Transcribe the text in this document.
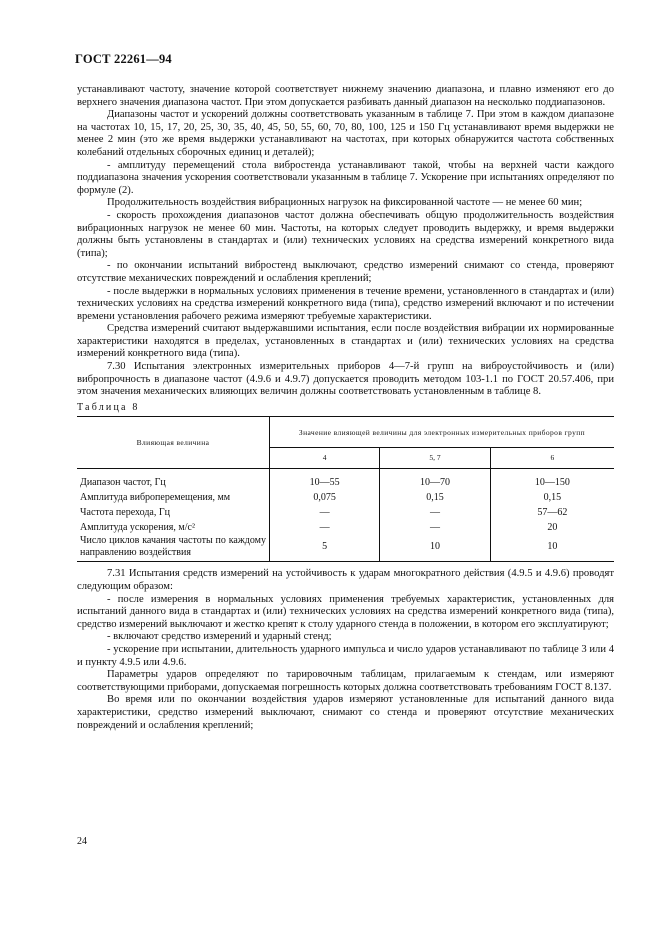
ГОСТ 22261—94

устанавливают частоту, значение которой соответствует нижнему значению диапазона, и плавно изменяют его до верхнего значения диапазона частот. При этом допускается разбивать данный диапазон на несколько поддиапазонов.

Диапазоны частот и ускорений должны соответствовать указанным в таблице 7. При этом в каждом диапазоне на частотах 10, 15, 17, 20, 25, 30, 35, 40, 45, 50, 55, 60, 70, 80, 100, 125 и 150 Гц устанавливают время выдержки не менее 2 мин (это же время выдержки устанавливают на частотах, при которых обнаружится частота собственных колебаний отдельных сборочных единиц и деталей);

- амплитуду перемещений стола вибростенда устанавливают такой, чтобы на верхней части каждого поддиапазона значения ускорения соответствовали указанным в таблице 7. Ускорение при испытаниях определяют по формуле (2).

Продолжительность воздействия вибрационных нагрузок на фиксированной частоте — не менее 60 мин;

- скорость прохождения диапазонов частот должна обеспечивать общую продолжительность воздействия вибрационных нагрузок не менее 60 мин. Частоты, на которых следует проводить выдержку, и время выдержки должны быть установлены в стандартах и (или) технических условиях на средства измерений конкретного вида (типа);

- по окончании испытаний вибростенд выключают, средство измерений снимают со стенда, проверяют отсутствие механических повреждений и ослабления креплений;

- после выдержки в нормальных условиях применения в течение времени, установленного в стандартах и (или) технических условиях на средства измерений конкретного вида (типа), средство измерений включают и по истечении времени установления рабочего режима измеряют требуемые характеристики.

Средства измерений считают выдержавшими испытания, если после воздействия вибрации их нормированные характеристики находятся в пределах, установленных в стандартах и (или) технических условиях на средства измерений конкретного вида (типа).

7.30 Испытания электронных измерительных приборов 4—7-й групп на виброустойчивость и (или) вибропрочность в диапазоне частот (4.9.6 и 4.9.7) допускается проводить методом 103-1.1 по ГОСТ 20.57.406, при этом значения механических влияющих величин должны соответствовать установленным в таблице 8.

Таблица 8
Влияющая величина	Значение влияющей величины для электронных измерительных приборов групп		
	4	5, 7	6
Диапазон частот, Гц	10—55	10—70	10—150
Амплитуда виброперемещения, мм	0,075	0,15	0,15
Частота перехода, Гц	—	—	57—62
Амплитуда ускорения, м/с²	—	—	20
Число циклов качания частоты по каждому направлению воздействия	5	10	10

7.31 Испытания средств измерений на устойчивость к ударам многократного действия (4.9.5 и 4.9.6) проводят следующим образом:

- после измерения в нормальных условиях применения требуемых характеристик, установленных для испытаний данного вида в стандартах и (или) технических условиях на средства измерений конкретного вида (типа), средство измерений выключают и жестко крепят к столу ударного стенда в положении, в котором его эксплуатируют;

- включают средство измерений и ударный стенд;

- ускорение при испытании, длительность ударного импульса и число ударов устанавливают по таблице 3 или 4 и пункту 4.9.5 или 4.9.6.

Параметры ударов определяют по тарировочным таблицам, прилагаемым к стендам, или измеряют соответствующими приборами, допускаемая погрешность которых должна соответствовать требованиям ГОСТ 8.137.

Во время или по окончании воздействия ударов измеряют установленные для испытаний данного вида характеристики, средство измерений выключают, снимают со стенда и проверяют отсутствие механических повреждений и ослабления креплений;

24
